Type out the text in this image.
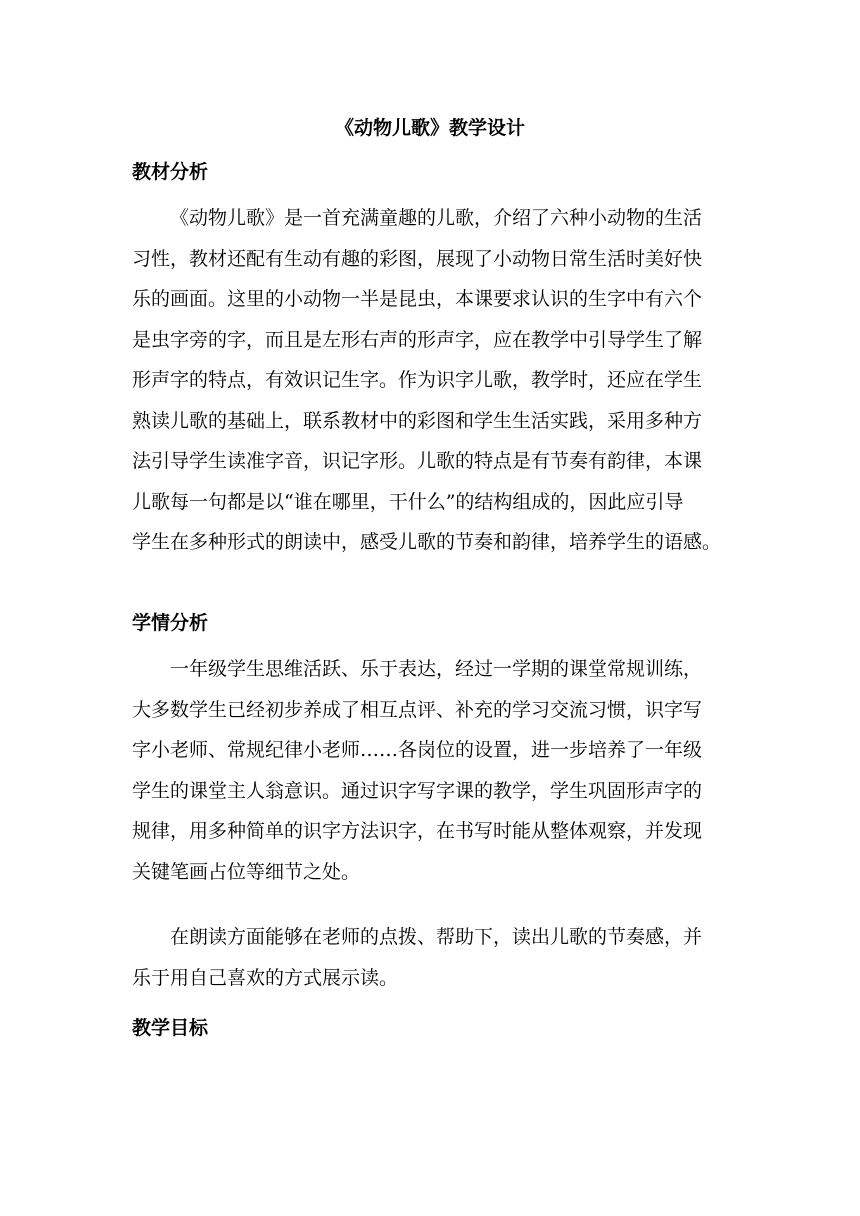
《动物儿歌》教学设计
教材分析
《动物儿歌》是一首充满童趣的儿歌，介绍了六种小动物的生活
习性，教材还配有生动有趣的彩图，展现了小动物日常生活时美好快
乐的画面。这里的小动物一半是昆虫，本课要求认识的生字中有六个
是虫字旁的字，而且是左形右声的形声字，应在教学中引导学生了解
形声字的特点，有效识记生字。作为识字儿歌，教学时，还应在学生
熟读儿歌的基础上，联系教材中的彩图和学生生活实践，采用多种方
法引导学生读准字音，识记字形。儿歌的特点是有节奏有韵律，本课
儿歌每一句都是以“谁在哪里，干什么”的结构组成的，因此应引导
学生在多种形式的朗读中，感受儿歌的节奏和韵律，培养学生的语感。
学情分析
一年级学生思维活跃、乐于表达，经过一学期的课堂常规训练，
大多数学生已经初步养成了相互点评、补充的学习交流习惯，识字写
字小老师、常规纪律小老师……各岗位的设置，进一步培养了一年级
学生的课堂主人翁意识。通过识字写字课的教学，学生巩固形声字的
规律，用多种简单的识字方法识字，在书写时能从整体观察，并发现
关键笔画占位等细节之处。
在朗读方面能够在老师的点拨、帮助下，读出儿歌的节奏感，并
乐于用自己喜欢的方式展示读。
教学目标
